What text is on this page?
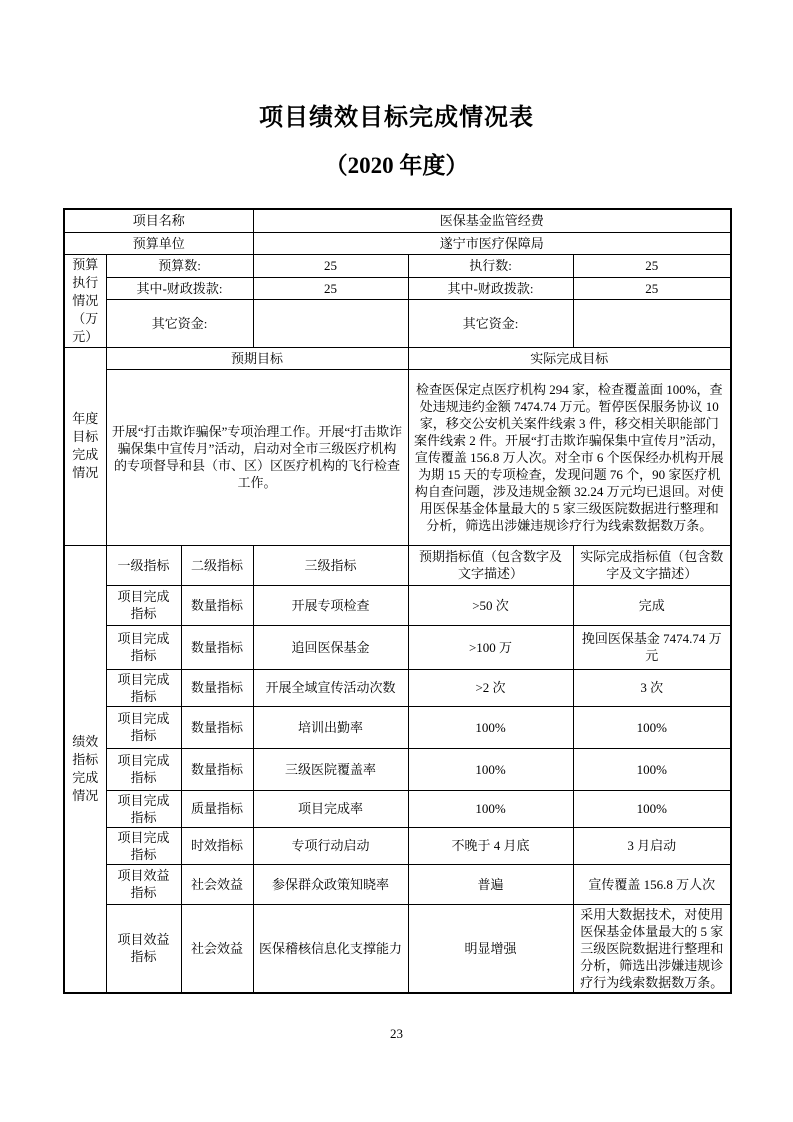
项目绩效目标完成情况表
（2020 年度）
项目名称			医保基金监管经费		
预算单位			遂宁市医疗保障局		
预算执行情况（万元）	预算数:		25	执行数:	25
	其中-财政拨款:		25	其中-财政拨款:	25
	其它资金:			其它资金:	
年度目标完成情况	预期目标			实际完成目标	
	开展“打击欺诈骗保”专项治理工作。开展“打击欺诈骗保集中宣传月”活动，启动对全市三级医疗机构的专项督导和县（市、区）区医疗机构的飞行检查工作。			检查医保定点医疗机构 294 家，检查覆盖面 100%，查处违规违约金额 7474.74 万元。暂停医保服务协议 10 家，移交公安机关案件线索 3 件，移交相关职能部门案件线索 2 件。开展“打击欺诈骗保集中宣传月”活动，宣传覆盖 156.8 万人次。对全市 6 个医保经办机构开展为期 15 天的专项检查，发现问题 76 个，90 家医疗机构自查问题，涉及违规金额 32.24 万元均已退回。对使用医保基金体量最大的 5 家三级医院数据进行整理和分析，筛选出涉嫌违规诊疗行为线索数据数万条。	
绩效指标完成情况	一级指标	二级指标	三级指标	预期指标值（包含数字及文字描述）	实际完成指标值（包含数字及文字描述）
	项目完成指标	数量指标	开展专项检查	>50 次	完成
	项目完成指标	数量指标	追回医保基金	>100 万	挽回医保基金 7474.74 万元
	项目完成指标	数量指标	开展全域宣传活动次数	>2 次	3 次
	项目完成指标	数量指标	培训出勤率	100%	100%
	项目完成指标	数量指标	三级医院覆盖率	100%	100%
	项目完成指标	质量指标	项目完成率	100%	100%
	项目完成指标	时效指标	专项行动启动	不晚于 4 月底	3 月启动
	项目效益指标	社会效益	参保群众政策知晓率	普遍	宣传覆盖 156.8 万人次
	项目效益指标	社会效益	医保稽核信息化支撑能力	明显增强	采用大数据技术，对使用医保基金体量最大的 5 家三级医院数据进行整理和分析，筛选出涉嫌违规诊疗行为线索数据数万条。
23
